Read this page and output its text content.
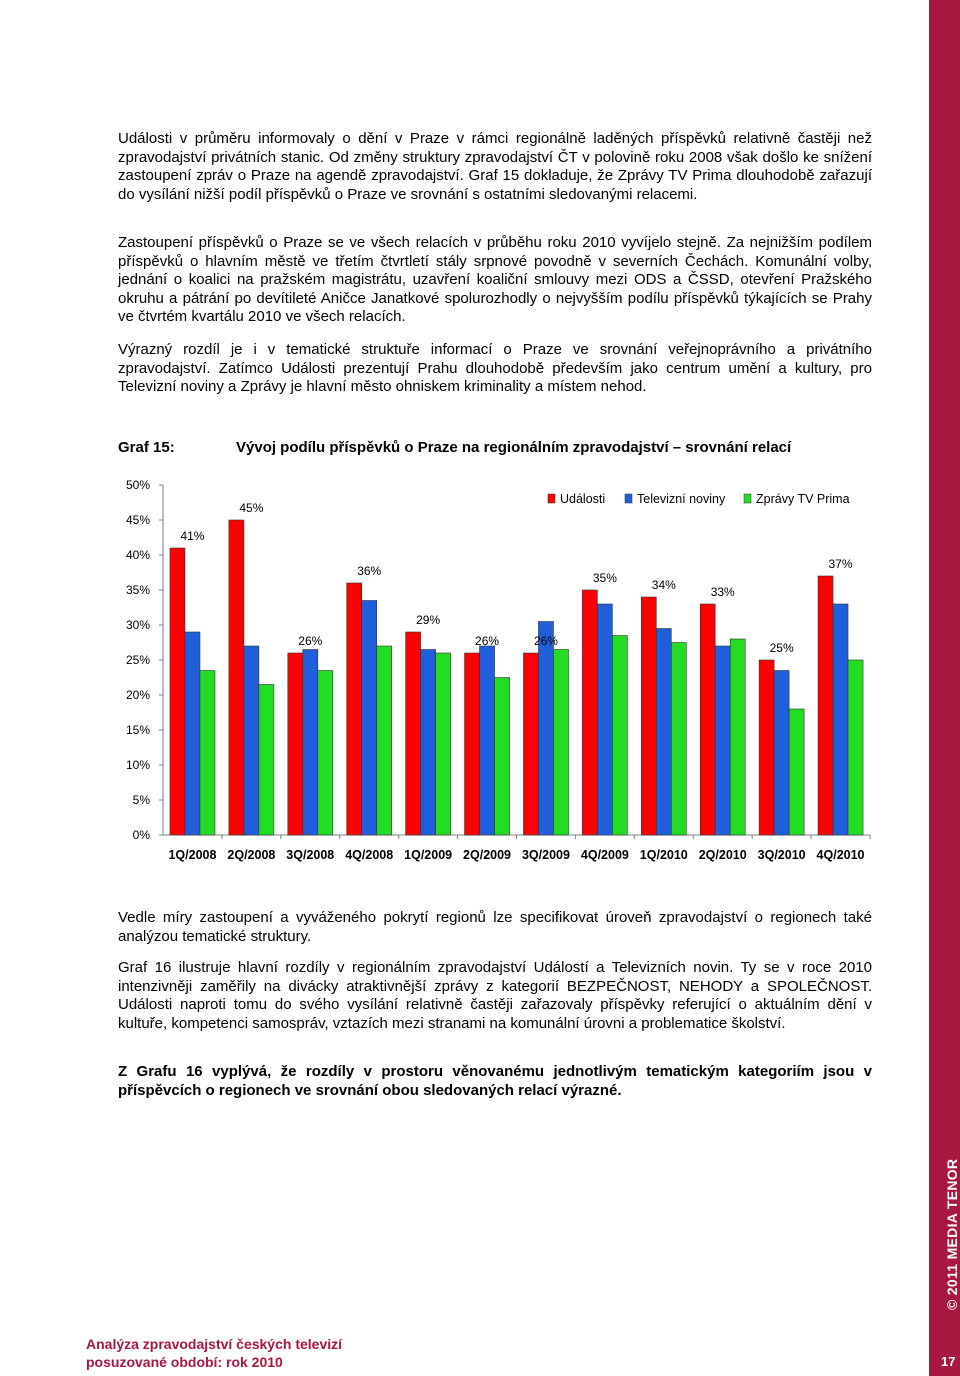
Události v průměru informovaly o dění v Praze v rámci regionálně laděných příspěvků relativně častěji než zpravodajství privátních stanic. Od změny struktury zpravodajství ČT v polovině roku 2008 však došlo ke snížení zastoupení zpráv o Praze na agendě zpravodajství. Graf 15 dokladuje, že Zprávy TV Prima dlouhodobě zařazují do vysílání nižší podíl příspěvků o Praze ve srovnání s ostatními sledovanými relacemi.

Zastoupení příspěvků o Praze se ve všech relacích v průběhu roku 2010 vyvíjelo stejně. Za nejnižším podílem příspěvků o hlavním městě ve třetím čtvrtletí stály srpnové povodně v severních Čechách. Komunální volby, jednání o koalici na pražském magistrátu, uzavření koaliční smlouvy mezi ODS a ČSSD, otevření Pražského okruhu a pátrání po devítileté Aničce Janatkové spolurozhodly o nejvyšším podílu příspěvků týkajících se Prahy ve čtvrtém kvartálu 2010 ve všech relacích.

Výrazný rozdíl je i v tematické struktuře informací o Praze ve srovnání veřejnoprávního a privátního zpravodajství. Zatímco Události prezentují Prahu dlouhodobě především jako centrum umění a kultury, pro Televizní noviny a Zprávy je hlavní město ohniskem kriminality a místem nehod.

Graf 15:	Vývoj podílu příspěvků o Praze na regionálním zpravodajství – srovnání relací
0%
5%
10%
15%
20%
25%
30%
35%
40%
45%
50%
41%
45%
26%
36%
29%
26%	26%
35%	34%	33%
25%
37%
1Q/2008 2Q/2008 3Q/2008 4Q/2008 1Q/2009 2Q/2009 3Q/2009 4Q/2009 1Q/2010 2Q/2010 3Q/2010 4Q/2010
Události	Televizní noviny Zprávy TV Prima

Vedle míry zastoupení a vyváženého pokrytí regionů lze specifikovat úroveň zpravodajství o regionech také analýzou tematické struktury.

Graf 16 ilustruje hlavní rozdíly v regionálním zpravodajství Událostí a Televizních novin. Ty se v roce 2010 intenzivněji zaměřily na divácky atraktivnější zprávy z kategorií BEZPEČNOST, NEHODY a SPOLEČNOST. Události naproti tomu do svého vysílání relativně častěji zařazovaly příspěvky referující o aktuálním dění v kultuře, kompetenci samospráv, vztazích mezi stranami na komunální úrovni a problematice školství.

Z Grafu 16 vyplývá, že rozdíly v prostoru věnovanému jednotlivým tematickým kategoriím jsou v příspěvcích o regionech ve srovnání obou sledovaných relací výrazné.

© 2011 MEDIA TENOR
Analýza zpravodajství českých televizí
posuzované období: rok 2010	17
